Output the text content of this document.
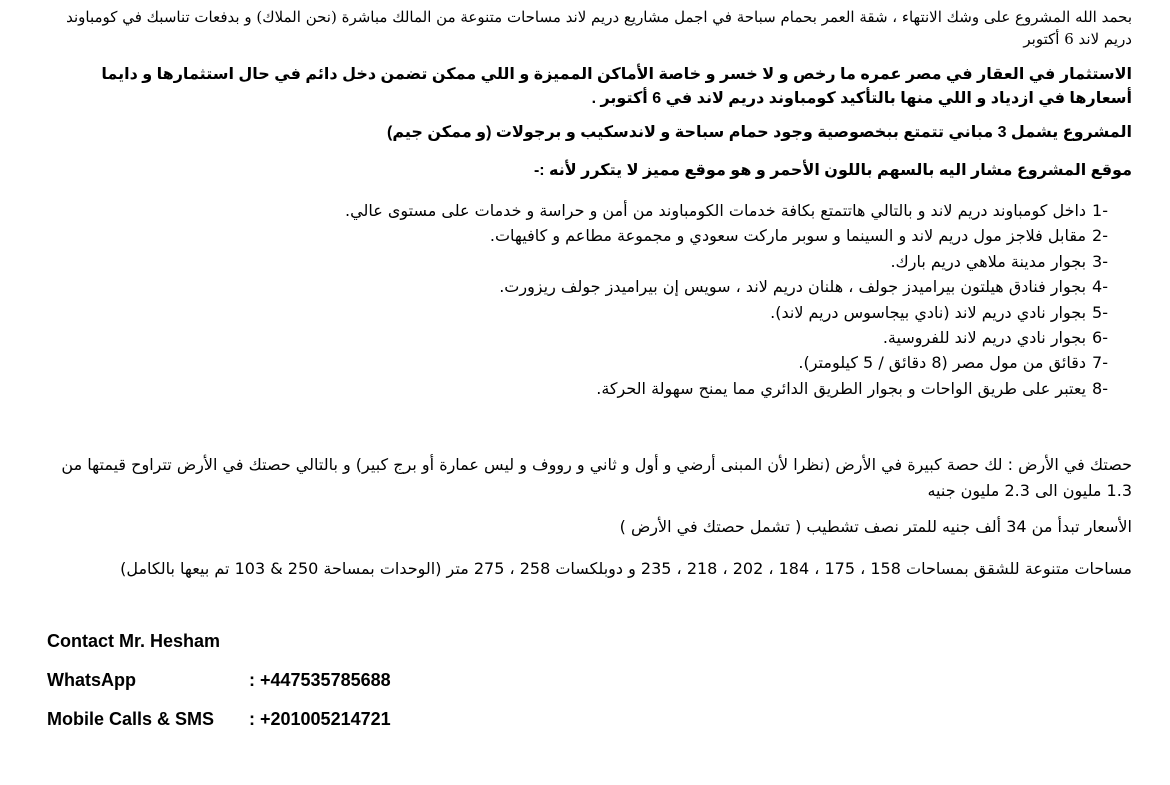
بحمد الله المشروع على وشك الانتهاء ، شقة العمر بحمام سباحة في اجمل مشاريع دريم لاند مساحات متنوعة من المالك مباشرة (نحن الملاك) و بدفعات تناسبك في كومباوند دريم لاند 6 أكتوبر
الاستثمار في العقار في مصر عمره ما رخص و لا خسر و خاصة الأماكن المميزة و اللي ممكن تضمن دخل دائم في حال استثمارها و دايما أسعارها في ازدياد و اللي منها بالتأكيد كومباوند دريم لاند في 6 أكتوبر .
المشروع يشمل 3 مباني تتمتع ببخصوصية وجود حمام سباحة و لاندسكيب و برجولات (و ممكن جيم)
موقع المشروع مشار اليه بالسهم باللون الأحمر و هو موقع مميز لا يتكرر لأنه :-
-1داخل كومباوند دريم لاند و بالتالي هاتتمتع بكافة خدمات الكومباوند من أمن و حراسة و خدمات على مستوى عالي.
-2مقابل فلاجز مول دريم لاند و السينما و سوبر ماركت سعودي و مجموعة مطاعم و كافيهات.
-3بجوار مدينة ملاهي دريم بارك.
-4بجوار فنادق هيلتون بيراميدز جولف ، هلنان دريم لاند ، سويس إن بيراميدز جولف ريزورت.
-5بجوار نادي دريم لاند (نادي بيجاسوس دريم لاند).
-6بجوار نادي دريم لاند للفروسية.
-7دقائق من مول مصر (8 دقائق / 5 كيلومتر).
-8يعتبر على طريق الواحات و بجوار الطريق الدائري مما يمنح سهولة الحركة.
حصتك في الأرض : لك حصة كبيرة في الأرض (نظرا لأن المبنى أرضي و أول و ثاني و رووف و ليس عمارة أو برج كبير) و بالتالي حصتك في الأرض تتراوح قيمتها من 1.3 مليون الى 2.3 مليون جنيه
الأسعار تبدأ من 34 ألف جنيه للمتر نصف تشطيب ( تشمل حصتك في الأرض )
مساحات متنوعة للشقق بمساحات 158 ، 175 ، 184 ، 202 ، 218 ، 235 و دوبلكسات 258 ، 275 متر (الوحدات بمساحة 250 & 103 تم بيعها بالكامل)
Contact Mr. Hesham
WhatsApp	: +447535785688
Mobile Calls & SMS	: +201005214721
